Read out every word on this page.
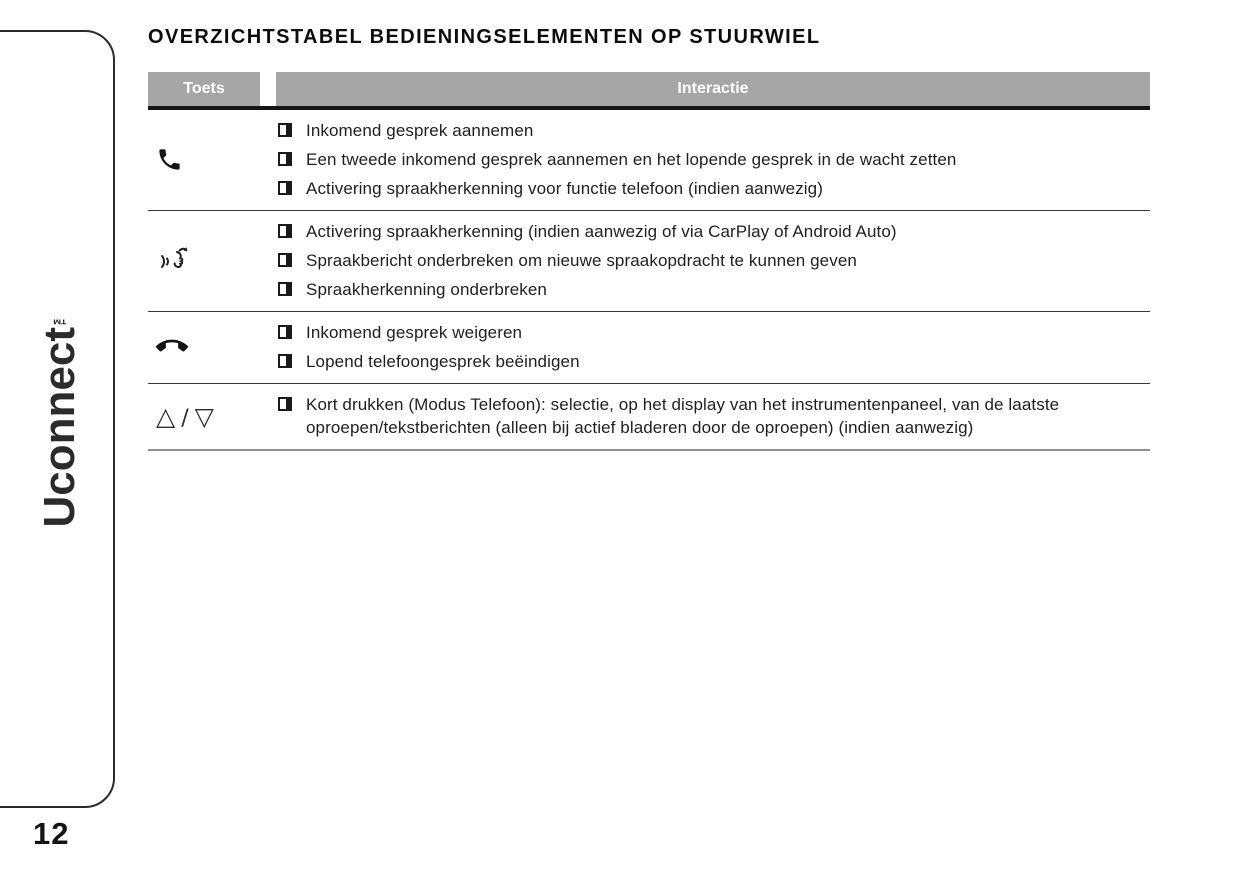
Uconnect™
12
OVERZICHTSTABEL BEDIENINGSELEMENTEN OP STUURWIEL
Toets	Interactie
Inkomend gesprek aannemen
Een tweede inkomend gesprek aannemen en het lopende gesprek in de wacht zetten
Activering spraakherkenning voor functie telefoon (indien aanwezig)
Activering spraakherkenning (indien aanwezig of via CarPlay of Android Auto)
Spraakbericht onderbreken om nieuwe spraakopdracht te kunnen geven
Spraakherkenning onderbreken
Inkomend gesprek weigeren
Lopend telefoongesprek beëindigen
△ / ▽	Kort drukken (Modus Telefoon): selectie, op het display van het instrumentenpaneel, van de laatste oproepen/tekstberichten (alleen bij actief bladeren door de oproepen) (indien aanwezig)
